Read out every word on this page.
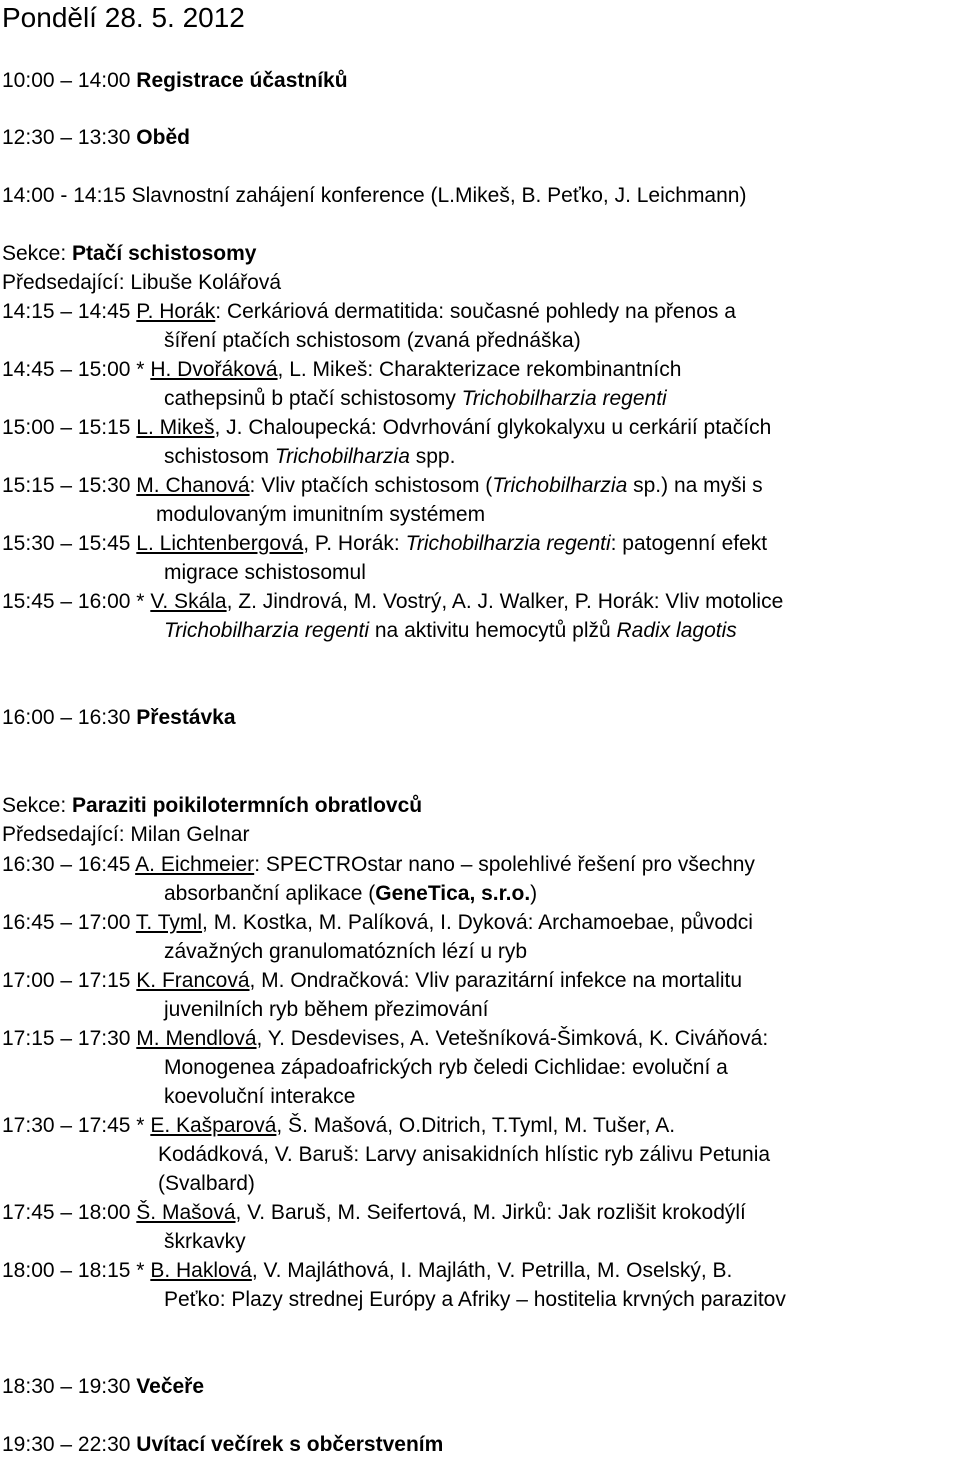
Pondělí 28. 5. 2012
10:00 – 14:00 Registrace účastníků
12:30 – 13:30 Oběd
14:00 - 14:15 Slavnostní zahájení konference (L.Mikeš, B. Peťko, J. Leichmann)
Sekce: Ptačí schistosomy
Předsedající: Libuše Kolářová
14:15 – 14:45 P. Horák: Cerkáriová dermatitida: současné pohledy na přenos a
šíření ptačích schistosom (zvaná přednáška)
14:45 – 15:00 * H. Dvořáková, L. Mikeš: Charakterizace rekombinantních
cathepsinů b ptačí schistosomy Trichobilharzia regenti
15:00 – 15:15 L. Mikeš, J. Chaloupecká: Odvrhování glykokalyxu u cerkárií ptačích
schistosom Trichobilharzia spp.
15:15 – 15:30 M. Chanová: Vliv ptačích schistosom (Trichobilharzia sp.) na myši s
modulovaným imunitním systémem
15:30 – 15:45 L. Lichtenbergová, P. Horák: Trichobilharzia regenti: patogenní efekt
migrace schistosomul
15:45 – 16:00 * V. Skála, Z. Jindrová, M. Vostrý, A. J. Walker, P. Horák: Vliv motolice
Trichobilharzia regenti na aktivitu hemocytů plžů Radix lagotis
16:00 – 16:30 Přestávka
Sekce: Paraziti poikilotermních obratlovců
Předsedající: Milan Gelnar
16:30 – 16:45 A. Eichmeier: SPECTROstar nano – spolehlivé řešení pro všechny
absorbanční aplikace (GeneTica, s.r.o.)
16:45 – 17:00 T. Tyml, M. Kostka, M. Palíková, I. Dyková: Archamoebae, původci
závažných granulomatózních lézí u ryb
17:00 – 17:15 K. Francová, M. Ondračková: Vliv parazitární infekce na mortalitu
juvenilních ryb během přezimování
17:15 – 17:30 M. Mendlová, Y. Desdevises, A. Vetešníková-Šimková, K. Civáňová:
Monogenea západoafrických ryb čeledi Cichlidae: evoluční a
koevoluční interakce
17:30 – 17:45 * E. Kašparová, Š. Mašová, O.Ditrich, T.Tyml, M. Tušer, A.
Kodádková, V. Baruš: Larvy anisakidních hlístic ryb zálivu Petunia
(Svalbard)
17:45 – 18:00 Š. Mašová, V. Baruš, M. Seifertová, M. Jirků: Jak rozlišit krokodýlí
škrkavky
18:00 – 18:15 * B. Haklová, V. Majláthová, I. Majláth, V. Petrilla, M. Oselský, B.
Peťko: Plazy strednej Európy a Afriky – hostitelia krvných parazitov
18:30 – 19:30 Večeře
19:30 – 22:30 Uvítací večírek s občerstvením
